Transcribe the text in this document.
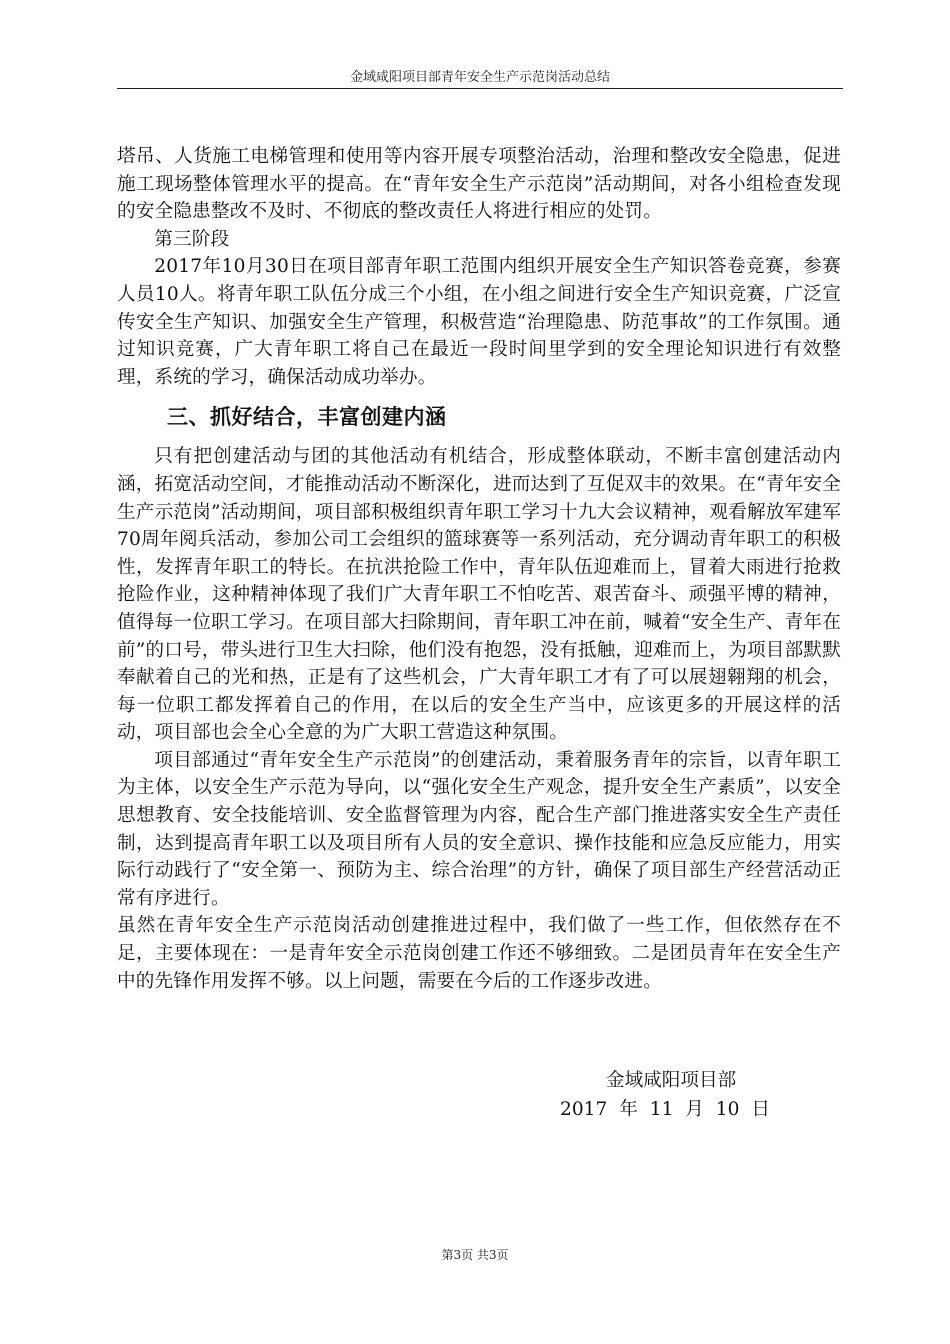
金域咸阳项目部青年安全生产示范岗活动总结

塔吊、人货施工电梯管理和使用等内容开展专项整治活动，治理和整改安全隐患，促进施工现场整体管理水平的提高。在“青年安全生产示范岗”活动期间，对各小组检查发现的安全隐患整改不及时、不彻底的整改责任人将进行相应的处罚。

第三阶段

2017年10月30日在项目部青年职工范围内组织开展安全生产知识答卷竞赛，参赛人员10人。将青年职工队伍分成三个小组，在小组之间进行安全生产知识竞赛，广泛宣传安全生产知识、加强安全生产管理，积极营造“治理隐患、防范事故”的工作氛围。通过知识竞赛，广大青年职工将自己在最近一段时间里学到的安全理论知识进行有效整理，系统的学习，确保活动成功举办。

三、抓好结合，丰富创建内涵

只有把创建活动与团的其他活动有机结合，形成整体联动，不断丰富创建活动内涵，拓宽活动空间，才能推动活动不断深化，进而达到了互促双丰的效果。在“青年安全生产示范岗”活动期间，项目部积极组织青年职工学习十九大会议精神，观看解放军建军70周年阅兵活动，参加公司工会组织的篮球赛等一系列活动，充分调动青年职工的积极性，发挥青年职工的特长。在抗洪抢险工作中，青年队伍迎难而上，冒着大雨进行抢救抢险作业，这种精神体现了我们广大青年职工不怕吃苦、艰苦奋斗、顽强平博的精神，值得每一位职工学习。在项目部大扫除期间，青年职工冲在前，喊着“安全生产、青年在前”的口号，带头进行卫生大扫除，他们没有抱怨，没有抵触，迎难而上，为项目部默默奉献着自己的光和热，正是有了这些机会，广大青年职工才有了可以展翅翱翔的机会，每一位职工都发挥着自己的作用，在以后的安全生产当中，应该更多的开展这样的活动，项目部也会全心全意的为广大职工营造这种氛围。

项目部通过“青年安全生产示范岗”的创建活动，秉着服务青年的宗旨，以青年职工为主体，以安全生产示范为导向，以“强化安全生产观念，提升安全生产素质”，以安全思想教育、安全技能培训、安全监督管理为内容，配合生产部门推进落实安全生产责任制，达到提高青年职工以及项目所有人员的安全意识、操作技能和应急反应能力，用实际行动践行了“安全第一、预防为主、综合治理”的方针，确保了项目部生产经营活动正常有序进行。

虽然在青年安全生产示范岗活动创建推进过程中，我们做了一些工作，但依然存在不足，主要体现在：一是青年安全示范岗创建工作还不够细致。二是团员青年在安全生产中的先锋作用发挥不够。以上问题，需要在今后的工作逐步改进。

金域咸阳项目部
2017 年 11 月 10 日
第3页 共3页
